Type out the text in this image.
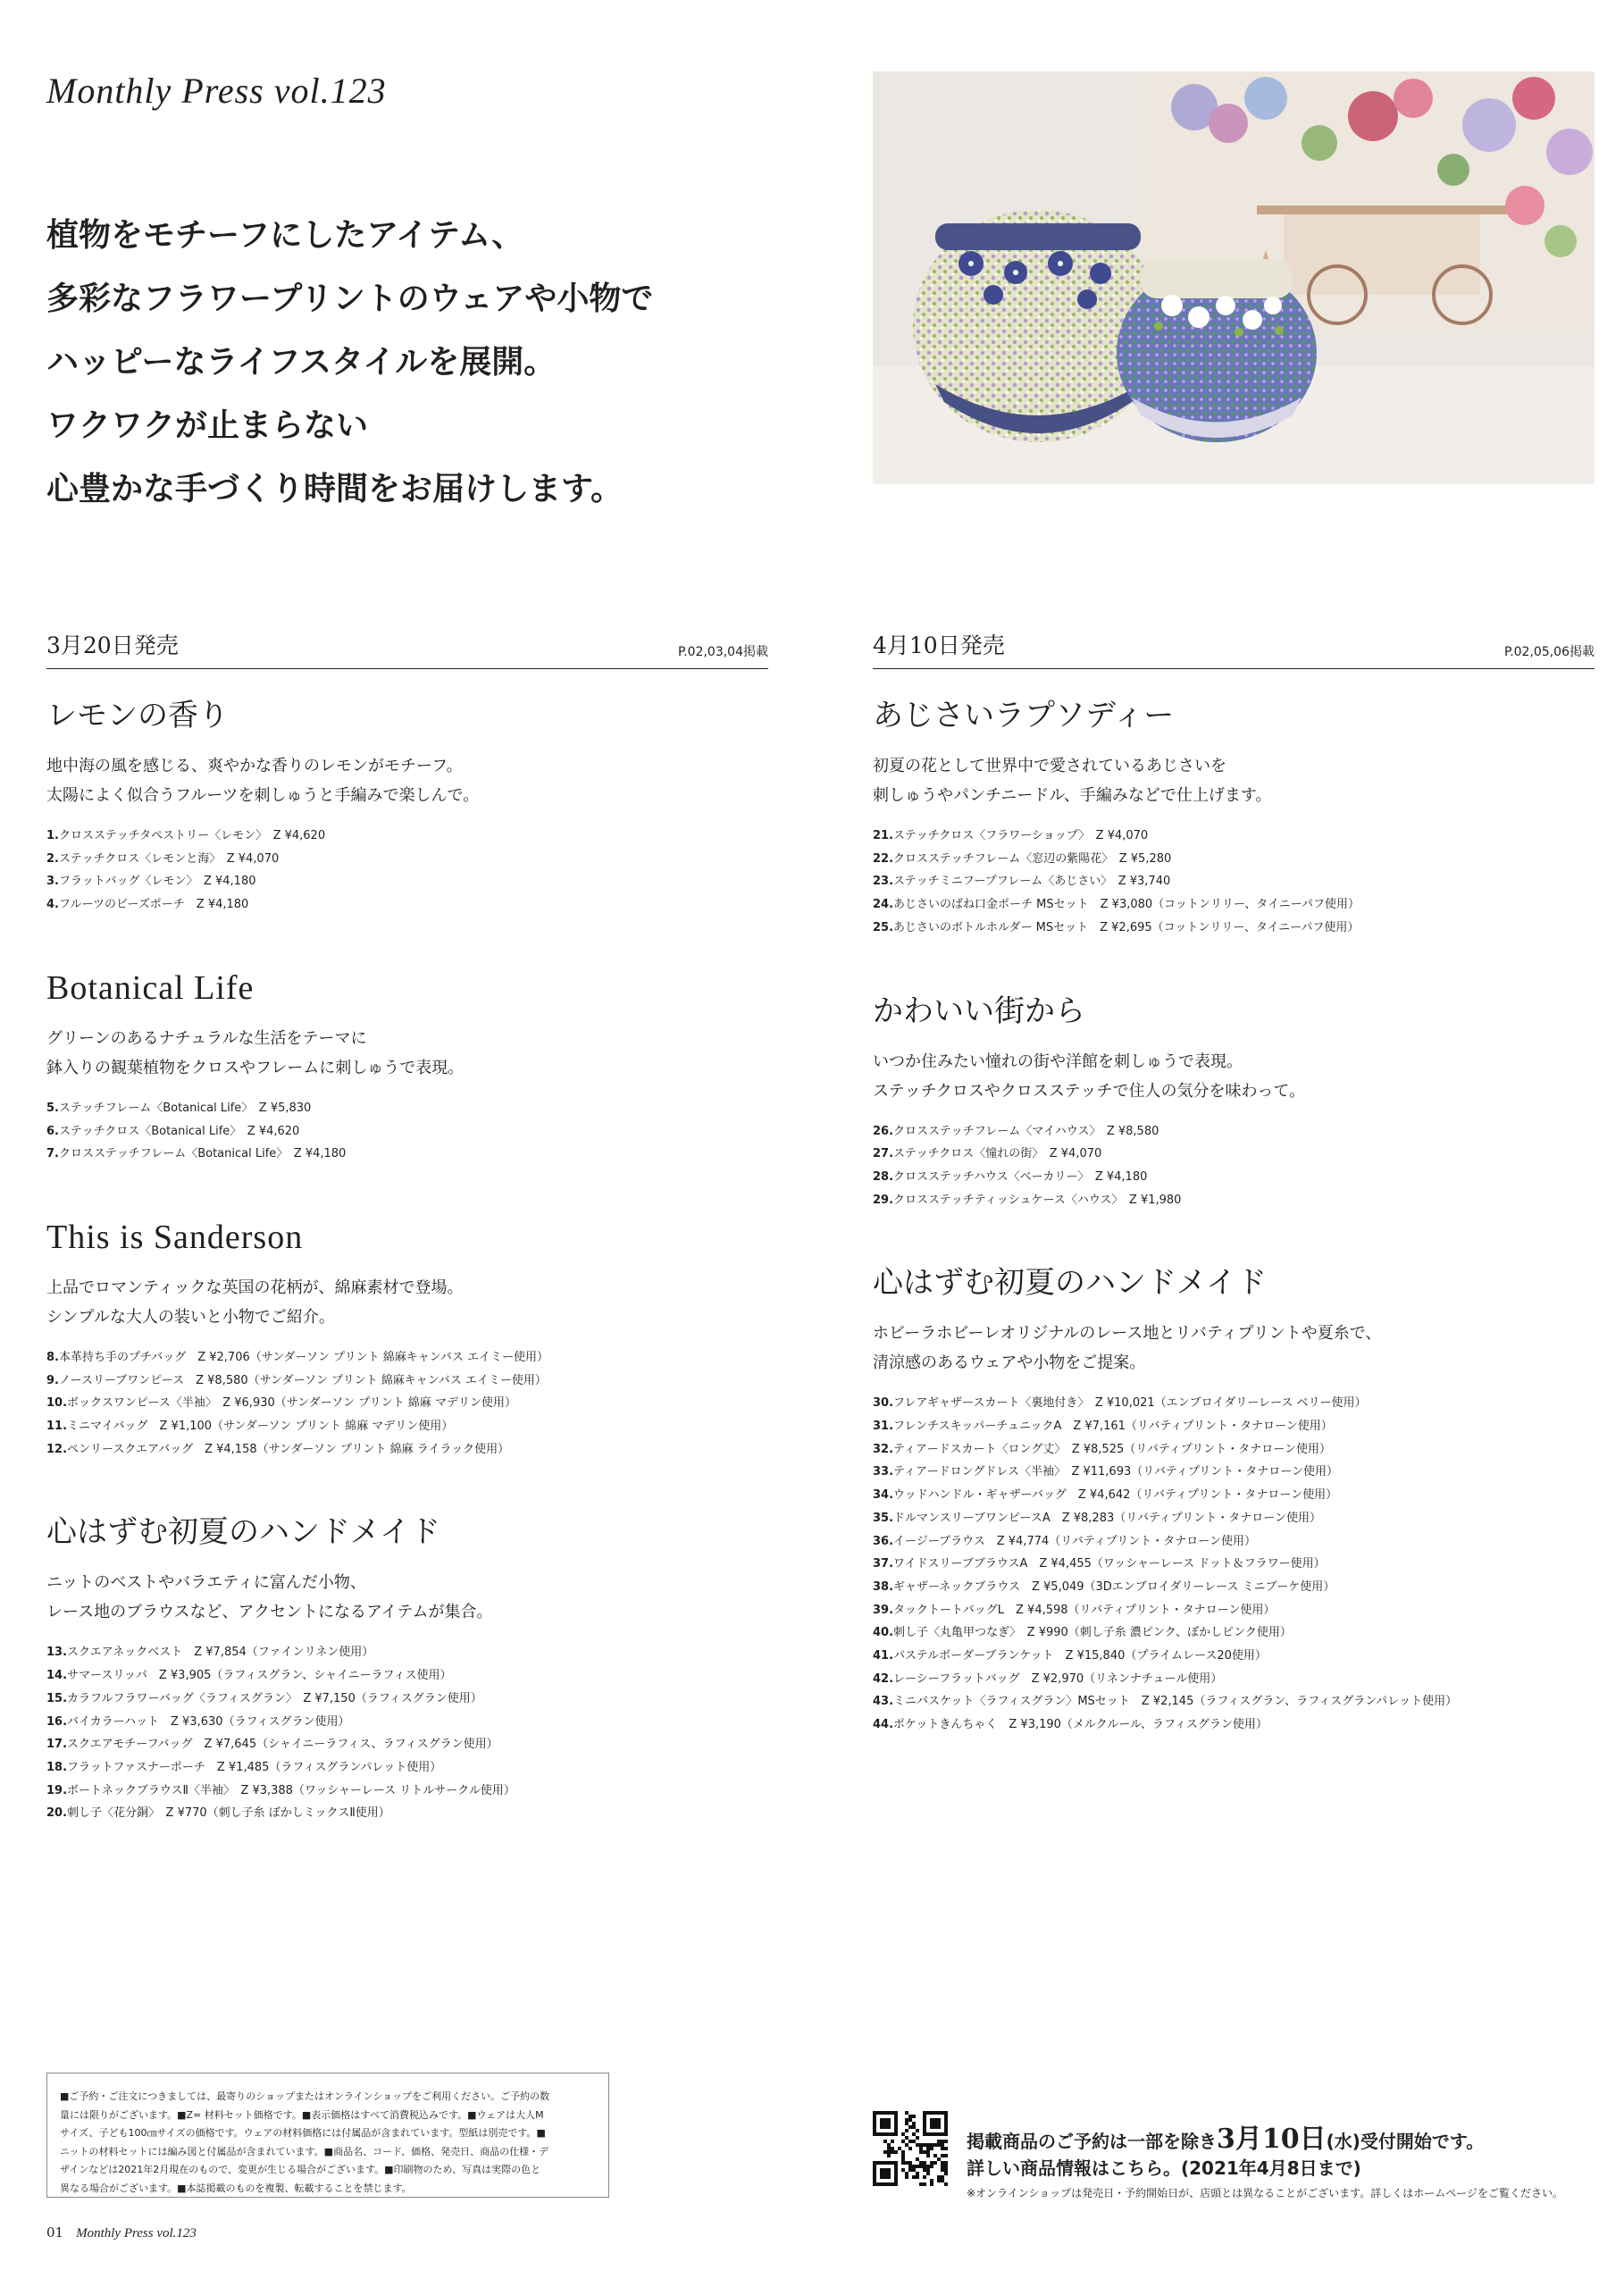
Monthly Press vol.123
植物をモチーフにしたアイテム、
多彩なフラワープリントのウェアや小物で
ハッピーなライフスタイルを展開。
ワクワクが止まらない
心豊かな手づくり時間をお届けします。
3月20日発売	P.02,03,04掲載
レモンの香り
地中海の風を感じる、爽やかな香りのレモンがモチーフ。
太陽によく似合うフルーツを刺しゅうと手編みで楽しんで。
1.クロスステッチタペストリー〈レモン〉　Z ¥4,620
2.ステッチクロス〈レモンと海〉　Z ¥4,070
3.フラットバッグ〈レモン〉　Z ¥4,180
4.フルーツのビーズポーチ　Z ¥4,180
Botanical Life
グリーンのあるナチュラルな生活をテーマに
鉢入りの観葉植物をクロスやフレームに刺しゅうで表現。
5.ステッチフレーム〈Botanical Life〉　Z ¥5,830
6.ステッチクロス〈Botanical Life〉　Z ¥4,620
7.クロスステッチフレーム〈Botanical Life〉　Z ¥4,180
This is Sanderson
上品でロマンティックな英国の花柄が、綿麻素材で登場。
シンプルな大人の装いと小物でご紹介。
8.本革持ち手のプチバッグ　Z ¥2,706（サンダーソン プリント 綿麻キャンバス エイミー使用）
9.ノースリーブワンピース　Z ¥8,580（サンダーソン プリント 綿麻キャンバス エイミー使用）
10.ボックスワンピース〈半袖〉　Z ¥6,930（サンダーソン プリント 綿麻 マデリン使用）
11.ミニマイバッグ　Z ¥1,100（サンダーソン プリント 綿麻 マデリン使用）
12.ペンリースクエアバッグ　Z ¥4,158（サンダーソン プリント 綿麻 ライラック使用）
心はずむ初夏のハンドメイド
ニットのベストやバラエティに富んだ小物、
レース地のブラウスなど、アクセントになるアイテムが集合。
13.スクエアネックベスト　Z ¥7,854（ファインリネン使用）
14.サマースリッパ　Z ¥3,905（ラフィスグラン、シャイニーラフィス使用）
15.カラフルフラワーバッグ〈ラフィスグラン〉　Z ¥7,150（ラフィスグラン使用）
16.バイカラーハット　Z ¥3,630（ラフィスグラン使用）
17.スクエアモチーフバッグ　Z ¥7,645（シャイニーラフィス、ラフィスグラン使用）
18.フラットファスナーポーチ　Z ¥1,485（ラフィスグランパレット使用）
19.ボートネックブラウスⅡ〈半袖〉　Z ¥3,388（ワッシャーレース リトルサークル使用）
20.刺し子〈花分銅〉　Z ¥770（刺し子糸 ぼかしミックスⅡ使用）
4月10日発売	P.02,05,06掲載
あじさいラプソディー
初夏の花として世界中で愛されているあじさいを
刺しゅうやパンチニードル、手編みなどで仕上げます。
21.ステッチクロス〈フラワーショップ〉　Z ¥4,070
22.クロスステッチフレーム〈窓辺の紫陽花〉　Z ¥5,280
23.ステッチミニフープフレーム〈あじさい〉　Z ¥3,740
24.あじさいのばね口金ポーチ MSセット　Z ¥3,080（コットンリリー、タイニーパフ使用）
25.あじさいのボトルホルダー MSセット　Z ¥2,695（コットンリリー、タイニーパフ使用）
かわいい街から
いつか住みたい憧れの街や洋館を刺しゅうで表現。
ステッチクロスやクロスステッチで住人の気分を味わって。
26.クロスステッチフレーム〈マイハウス〉　Z ¥8,580
27.ステッチクロス〈憧れの街〉　Z ¥4,070
28.クロスステッチハウス〈ベーカリー〉　Z ¥4,180
29.クロスステッチティッシュケース〈ハウス〉　Z ¥1,980
心はずむ初夏のハンドメイド
ホビーラホビーレオリジナルのレース地とリバティプリントや夏糸で、
清涼感のあるウェアや小物をご提案。
30.フレアギャザースカート〈裏地付き〉　Z ¥10,021（エンブロイダリーレース ベリー使用）
31.フレンチスキッパーチュニックA　Z ¥7,161（リバティプリント・タナローン使用）
32.ティアードスカート〈ロング丈〉　Z ¥8,525（リバティプリント・タナローン使用）
33.ティアードロングドレス〈半袖〉　Z ¥11,693（リバティプリント・タナローン使用）
34.ウッドハンドル・ギャザーバッグ　Z ¥4,642（リバティプリント・タナローン使用）
35.ドルマンスリーブワンピースA　Z ¥8,283（リバティプリント・タナローン使用）
36.イージーブラウス　Z ¥4,774（リバティプリント・タナローン使用）
37.ワイドスリーブブラウスA　Z ¥4,455（ワッシャーレース ドット＆フラワー使用）
38.ギャザーネックブラウス　Z ¥5,049（3Dエンブロイダリーレース ミニブーケ使用）
39.タックトートバッグL　Z ¥4,598（リバティプリント・タナローン使用）
40.刺し子〈丸亀甲つなぎ〉　Z ¥990（刺し子糸 濃ピンク、ぼかしピンク使用）
41.パステルボーダーブランケット　Z ¥15,840（プライムレース20使用）
42.レーシーフラットバッグ　Z ¥2,970（リネンナチュール使用）
43.ミニバスケット〈ラフィスグラン〉MSセット　Z ¥2,145（ラフィスグラン、ラフィスグランパレット使用）
44.ポケットきんちゃく　Z ¥3,190（メルクルール、ラフィスグラン使用）
■ご予約・ご注文につきましては、最寄りのショップまたはオンラインショップをご利用ください。ご予約の数
量には限りがございます。■Z= 材料セット価格です。■表示価格はすべて消費税込みです。■ウェアは大人M
サイズ、子ども100㎝サイズの価格です。ウェアの材料価格には付属品が含まれています。型紙は別売です。■
ニットの材料セットには編み図と付属品が含まれています。■商品名、コード、価格、発売日、商品の仕様・デ
ザインなどは2021年2月現在のもので、変更が生じる場合がございます。■印刷物のため、写真は実際の色と
異なる場合がございます。■本誌掲載のものを複製、転載することを禁じます。
01 Monthly Press vol.123
掲載商品のご予約は一部を除き3月10日(水)受付開始です。
詳しい商品情報はこちら。(2021年4月8日まで)
※オンラインショップは発売日・予約開始日が、店頭とは異なることがございます。詳しくはホームページをご覧ください。
